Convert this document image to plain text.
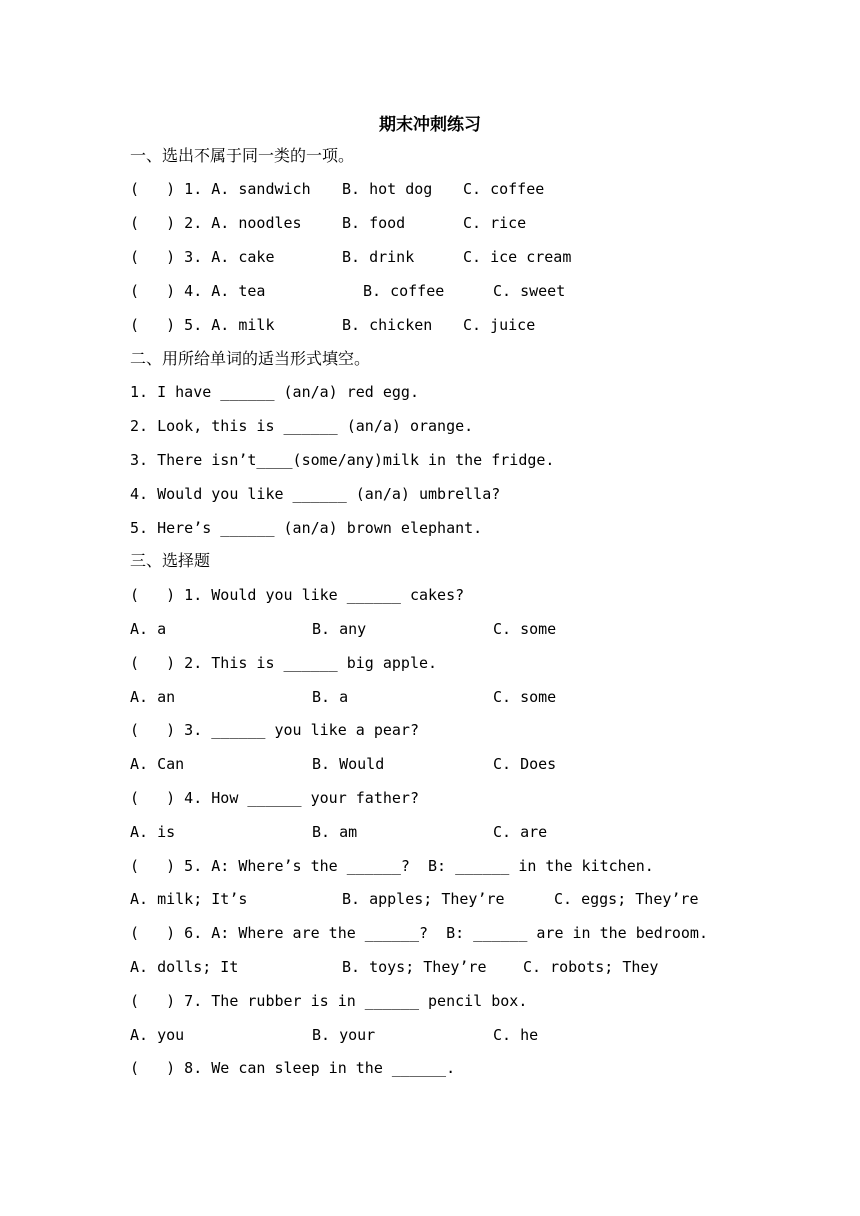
期末冲刺练习
一、选出不属于同一类的一项。

(   ) 1. A. sandwich

B. hot dog

C. coffee

(   ) 2. A. noodles

	B. food

	C. rice

(   ) 3. A. cake

	B. drink

	C. ice cream

(   ) 4. A. tea

	B. coffee

	C. sweet

(   ) 5. A. milk

	B. chicken

C. juice

二、用所给单词的适当形式填空。
1. I have ______ (an/a) red egg.
2. Look, this is ______ (an/a) orange.
3. There isn’t____(some/any)milk in the fridge.
4. Would you like ______ (an/a) umbrella?
5. Here’s ______ (an/a) brown elephant.
三、选择题
(   ) 1. Would you like ______ cakes?

A. a

	B. any

	C. some

(   ) 2. This is ______ big apple.

A. an

	B. a

	C. some

(   ) 3. ______ you like a pear?

A. Can

	B. Would

	C. Does

(   ) 4. How ______ your father?

A. is

	B. am

	C. are

(   ) 5. A: Where’s the ______?  B: ______ in the kitchen.

A. milk; It’s

	B. apples; They’re

	C. eggs; They’re

(   ) 6. A: Where are the ______?  B: ______ are in the bedroom.

A. dolls; It

	B. toys; They’re

C. robots; They

(   ) 7. The rubber is in ______ pencil box.

A. you

	B. your

	C. he

(   ) 8. We can sleep in the ______.
